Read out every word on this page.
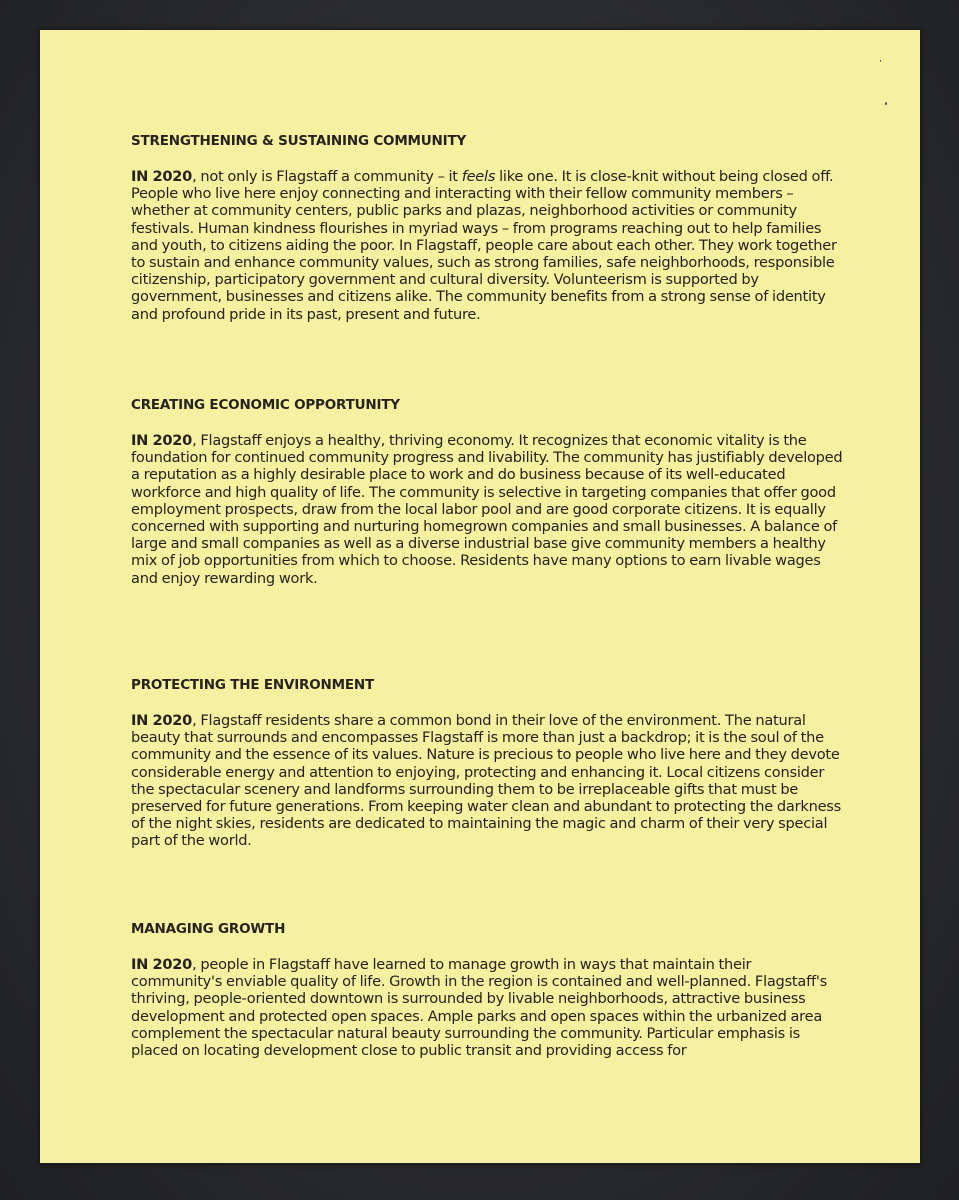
STRENGTHENING & SUSTAINING COMMUNITY

IN 2020, not only is Flagstaff a community – it feels like one. It is close-knit without being closed off. People who live here enjoy connecting and interacting with their fellow community members – whether at community centers, public parks and plazas, neighborhood activities or community festivals. Human kindness flourishes in myriad ways – from programs reaching out to help families and youth, to citizens aiding the poor. In Flagstaff, people care about each other. They work together to sustain and enhance community values, such as strong families, safe neighborhoods, responsible citizenship, participatory government and cultural diversity. Volunteerism is supported by government, businesses and citizens alike. The community benefits from a strong sense of identity and profound pride in its past, present and future.

CREATING ECONOMIC OPPORTUNITY

IN 2020, Flagstaff enjoys a healthy, thriving economy. It recognizes that economic vitality is the foundation for continued community progress and livability. The community has justifiably developed a reputation as a highly desirable place to work and do business because of its well-educated workforce and high quality of life. The community is selective in targeting companies that offer good employment prospects, draw from the local labor pool and are good corporate citizens. It is equally concerned with supporting and nurturing homegrown companies and small businesses. A balance of large and small companies as well as a diverse industrial base give community members a healthy mix of job opportunities from which to choose. Residents have many options to earn livable wages and enjoy rewarding work.

PROTECTING THE ENVIRONMENT

IN 2020, Flagstaff residents share a common bond in their love of the environment. The natural beauty that surrounds and encompasses Flagstaff is more than just a backdrop; it is the soul of the community and the essence of its values. Nature is precious to people who live here and they devote considerable energy and attention to enjoying, protecting and enhancing it. Local citizens consider the spectacular scenery and landforms surrounding them to be irreplaceable gifts that must be preserved for future generations. From keeping water clean and abundant to protecting the darkness of the night skies, residents are dedicated to maintaining the magic and charm of their very special part of the world.

MANAGING GROWTH

IN 2020, people in Flagstaff have learned to manage growth in ways that maintain their community's enviable quality of life. Growth in the region is contained and well-planned. Flagstaff's thriving, people-oriented downtown is surrounded by livable neighborhoods, attractive business development and protected open spaces. Ample parks and open spaces within the urbanized area complement the spectacular natural beauty surrounding the community. Particular emphasis is placed on locating development close to public transit and providing access for
